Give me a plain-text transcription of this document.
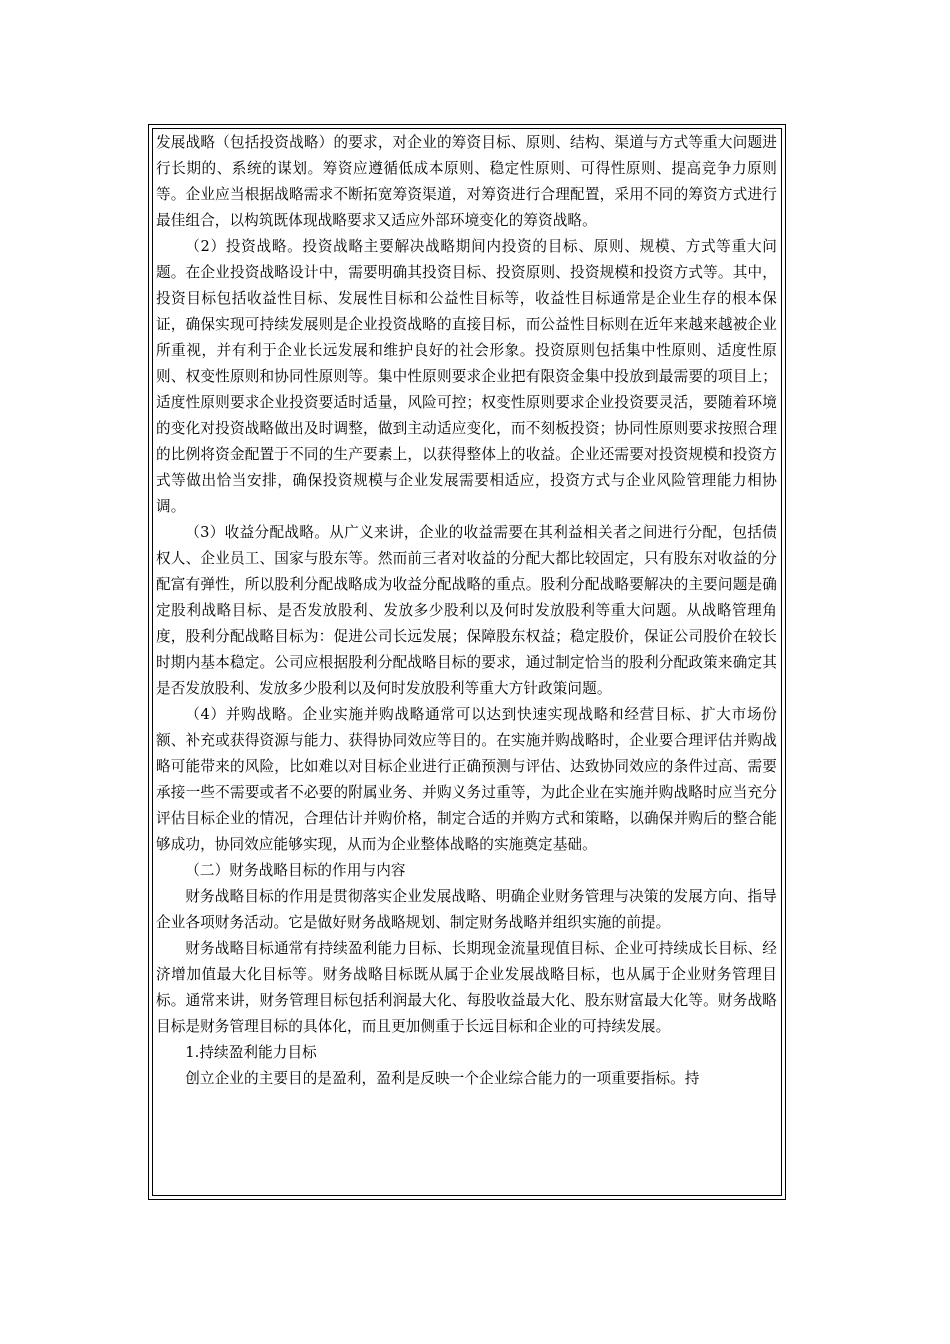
发展战略（包括投资战略）的要求，对企业的筹资目标、原则、结构、渠道与方式等重大问题进行长期的、系统的谋划。筹资应遵循低成本原则、稳定性原则、可得性原则、提高竞争力原则等。企业应当根据战略需求不断拓宽筹资渠道，对筹资进行合理配置，采用不同的筹资方式进行最佳组合，以构筑既体现战略要求又适应外部环境变化的筹资战略。

（2）投资战略。投资战略主要解决战略期间内投资的目标、原则、规模、方式等重大问题。在企业投资战略设计中，需要明确其投资目标、投资原则、投资规模和投资方式等。其中，投资目标包括收益性目标、发展性目标和公益性目标等，收益性目标通常是企业生存的根本保证，确保实现可持续发展则是企业投资战略的直接目标，而公益性目标则在近年来越来越被企业所重视，并有利于企业长远发展和维护良好的社会形象。投资原则包括集中性原则、适度性原则、权变性原则和协同性原则等。集中性原则要求企业把有限资金集中投放到最需要的项目上；适度性原则要求企业投资要适时适量，风险可控；权变性原则要求企业投资要灵活，要随着环境的变化对投资战略做出及时调整，做到主动适应变化，而不刻板投资；协同性原则要求按照合理的比例将资金配置于不同的生产要素上，以获得整体上的收益。企业还需要对投资规模和投资方式等做出恰当安排，确保投资规模与企业发展需要相适应，投资方式与企业风险管理能力相协调。

（3）收益分配战略。从广义来讲，企业的收益需要在其利益相关者之间进行分配，包括债权人、企业员工、国家与股东等。然而前三者对收益的分配大都比较固定，只有股东对收益的分配富有弹性，所以股利分配战略成为收益分配战略的重点。股利分配战略要解决的主要问题是确定股利战略目标、是否发放股利、发放多少股利以及何时发放股利等重大问题。从战略管理角度，股利分配战略目标为：促进公司长远发展；保障股东权益；稳定股价，保证公司股价在较长时期内基本稳定。公司应根据股利分配战略目标的要求，通过制定恰当的股利分配政策来确定其是否发放股利、发放多少股利以及何时发放股利等重大方针政策问题。

（4）并购战略。企业实施并购战略通常可以达到快速实现战略和经营目标、扩大市场份额、补充或获得资源与能力、获得协同效应等目的。在实施并购战略时，企业要合理评估并购战略可能带来的风险，比如难以对目标企业进行正确预测与评估、达致协同效应的条件过高、需要承接一些不需要或者不必要的附属业务、并购义务过重等，为此企业在实施并购战略时应当充分评估目标企业的情况，合理估计并购价格，制定合适的并购方式和策略，以确保并购后的整合能够成功，协同效应能够实现，从而为企业整体战略的实施奠定基础。

（二）财务战略目标的作用与内容

财务战略目标的作用是贯彻落实企业发展战略、明确企业财务管理与决策的发展方向、指导企业各项财务活动。它是做好财务战略规划、制定财务战略并组织实施的前提。

财务战略目标通常有持续盈利能力目标、长期现金流量现值目标、企业可持续成长目标、经济增加值最大化目标等。财务战略目标既从属于企业发展战略目标，也从属于企业财务管理目标。通常来讲，财务管理目标包括利润最大化、每股收益最大化、股东财富最大化等。财务战略目标是财务管理目标的具体化，而且更加侧重于长远目标和企业的可持续发展。

1.持续盈利能力目标

创立企业的主要目的是盈利，盈利是反映一个企业综合能力的一项重要指标。持
